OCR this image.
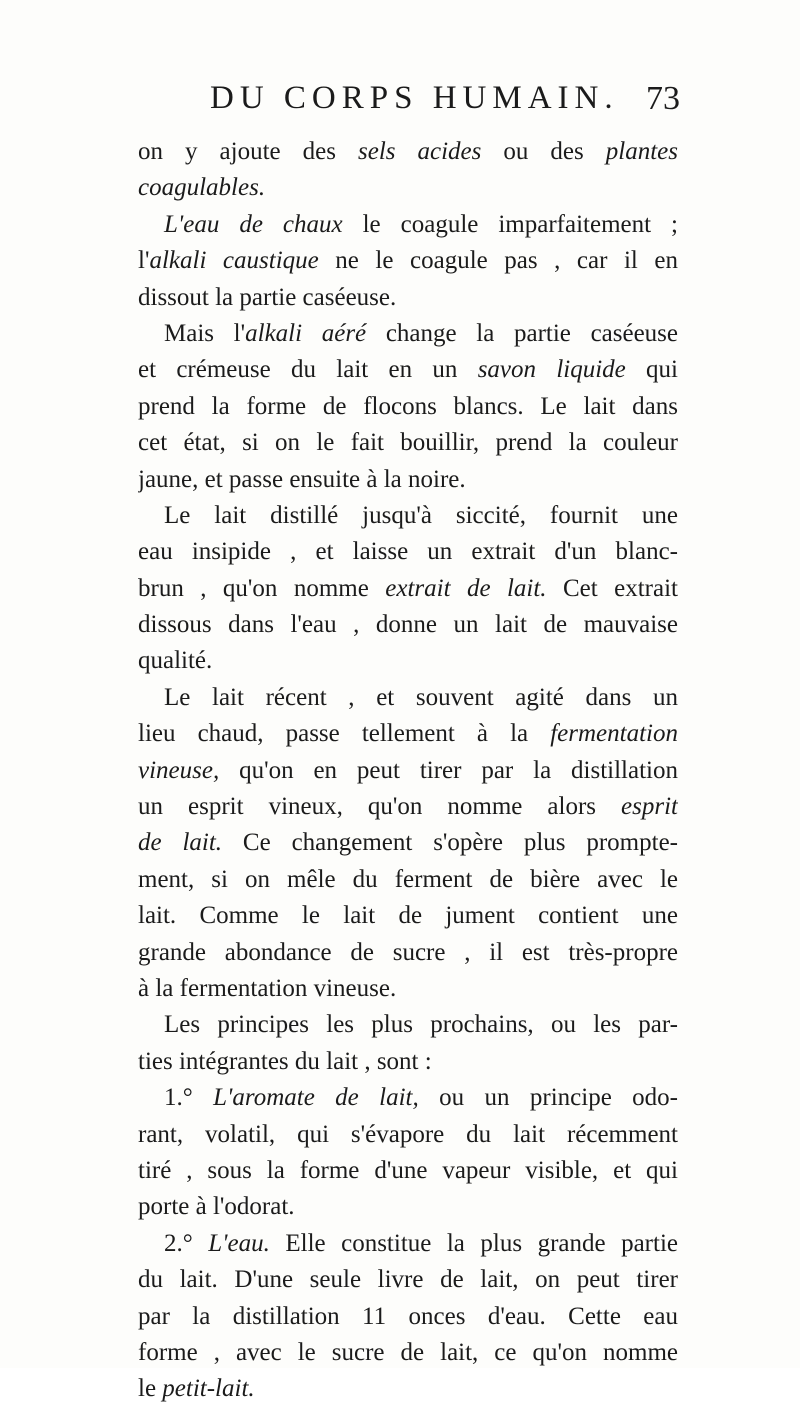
DU CORPS HUMAIN. 73
on y ajoute des sels acides ou des plantes
coagulables.
L'eau de chaux le coagule imparfaitement ;
l'alkali caustique ne le coagule pas , car il en
dissout la partie caséeuse.
Mais l'alkali aéré change la partie caséeuse
et crémeuse du lait en un savon liquide qui
prend la forme de flocons blancs. Le lait dans
cet état, si on le fait bouillir, prend la couleur
jaune, et passe ensuite à la noire.
Le lait distillé jusqu'à siccité, fournit une
eau insipide , et laisse un extrait d'un blanc-
brun , qu'on nomme extrait de lait. Cet extrait
dissous dans l'eau , donne un lait de mauvaise
qualité.
Le lait récent , et souvent agité dans un
lieu chaud, passe tellement à la fermentation
vineuse, qu'on en peut tirer par la distillation
un esprit vineux, qu'on nomme alors esprit
de lait. Ce changement s'opère plus prompte-
ment, si on mêle du ferment de bière avec le
lait. Comme le lait de jument contient une
grande abondance de sucre , il est très-propre
à la fermentation vineuse.
Les principes les plus prochains, ou les par-
ties intégrantes du lait , sont :
1.° L'aromate de lait, ou un principe odo-
rant, volatil, qui s'évapore du lait récemment
tiré , sous la forme d'une vapeur visible, et qui
porte à l'odorat.
2.° L'eau. Elle constitue la plus grande partie
du lait. D'une seule livre de lait, on peut tirer
par la distillation 11 onces d'eau. Cette eau
forme , avec le sucre de lait, ce qu'on nomme
le petit-lait.
